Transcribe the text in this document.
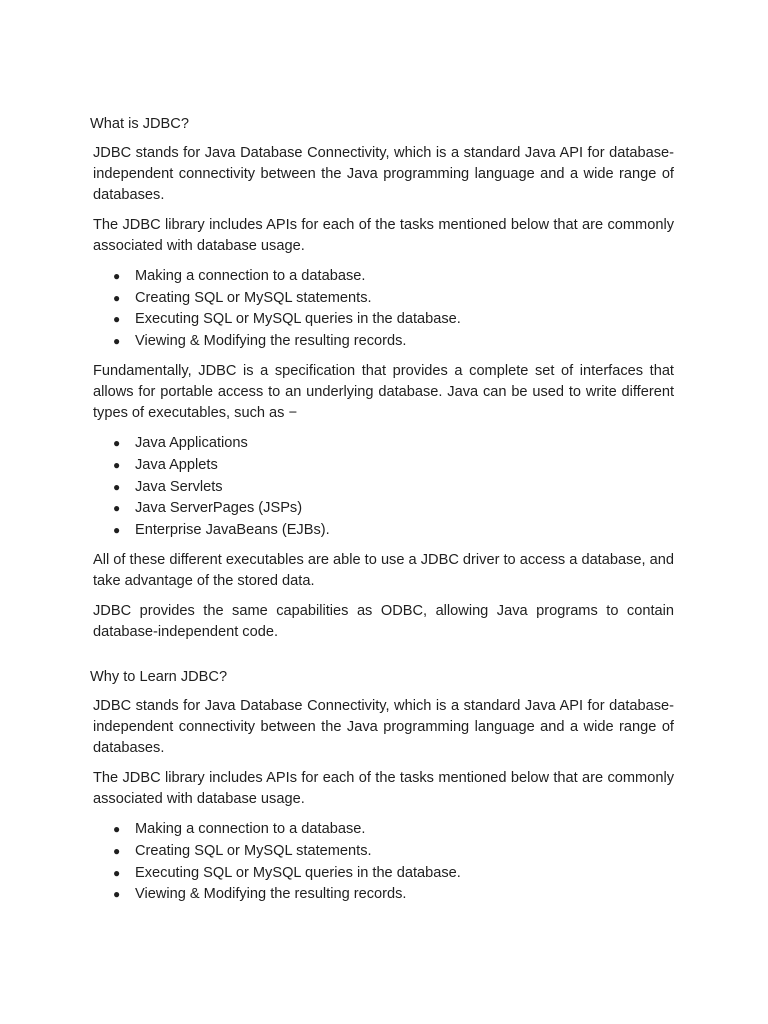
What is JDBC?

JDBC stands for Java Database Connectivity, which is a standard Java API for database-independent connectivity between the Java programming language and a wide range of databases.

The JDBC library includes APIs for each of the tasks mentioned below that are commonly associated with database usage.

● Making a connection to a database.
● Creating SQL or MySQL statements.
● Executing SQL or MySQL queries in the database.
● Viewing & Modifying the resulting records.

Fundamentally, JDBC is a specification that provides a complete set of interfaces that allows for portable access to an underlying database. Java can be used to write different types of executables, such as −

● Java Applications
● Java Applets
● Java Servlets
● Java ServerPages (JSPs)
● Enterprise JavaBeans (EJBs).

All of these different executables are able to use a JDBC driver to access a database, and take advantage of the stored data.

JDBC provides the same capabilities as ODBC, allowing Java programs to contain database-independent code.

Why to Learn JDBC?

JDBC stands for Java Database Connectivity, which is a standard Java API for database-independent connectivity between the Java programming language and a wide range of databases.

The JDBC library includes APIs for each of the tasks mentioned below that are commonly associated with database usage.

● Making a connection to a database.
● Creating SQL or MySQL statements.
● Executing SQL or MySQL queries in the database.
● Viewing & Modifying the resulting records.
